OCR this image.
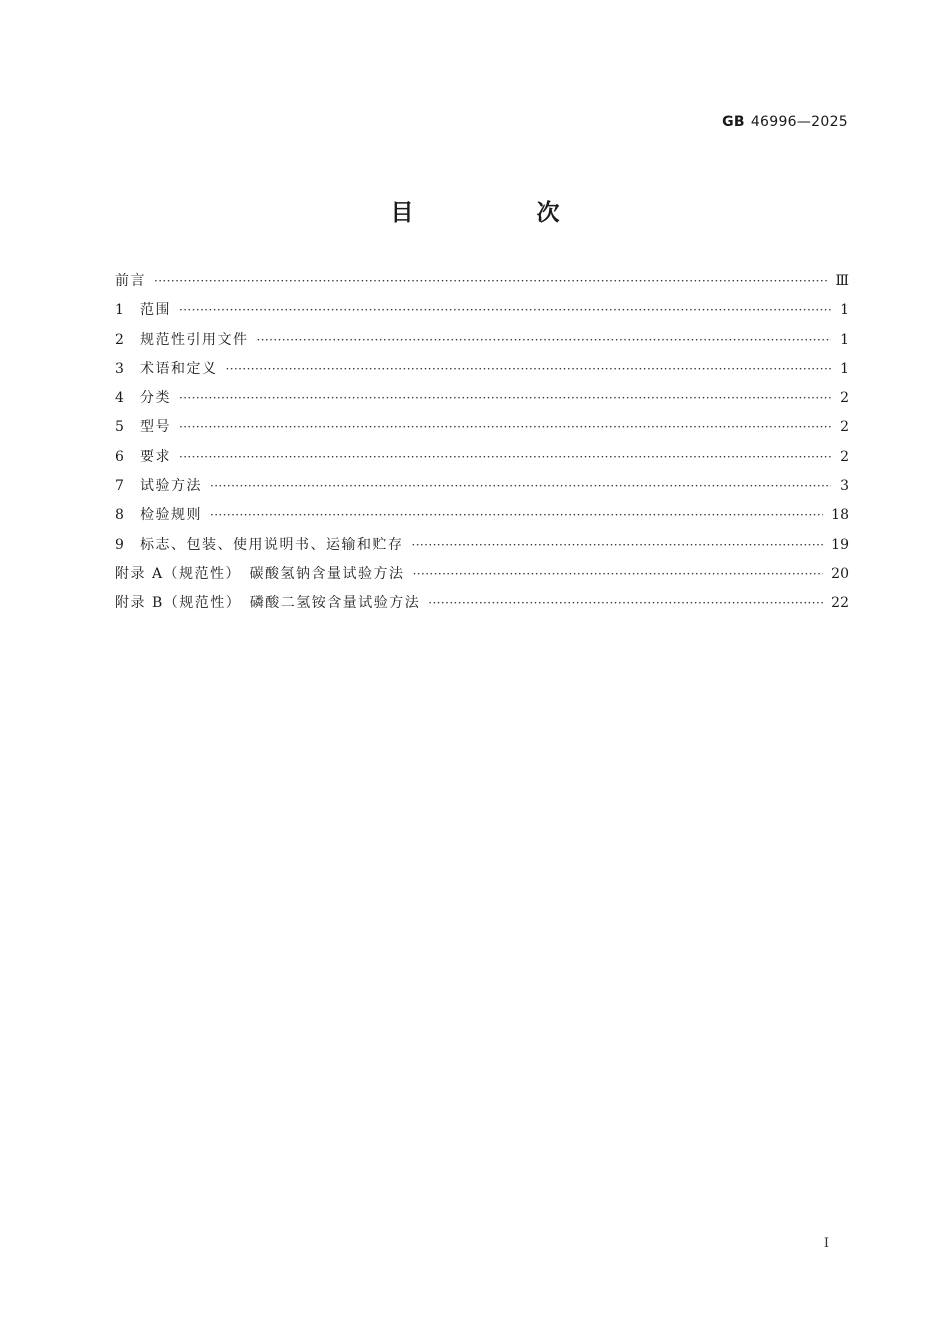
GB 46996—2025
目　次
前言 ·····	Ⅲ
1 范围 ·····	1
2 规范性引用文件 ·····	1
3 术语和定义 ·····	1
4 分类 ·····	2
5 型号 ·····	2
6 要求 ·····	2
7 试验方法 ·····	3
8 检验规则 ·····	18
9 标志、包装、使用说明书、运输和贮存 ·····	19
附录 A（规范性）　碳酸氢钠含量试验方法 ·····	20
附录 B（规范性）　磷酸二氢铵含量试验方法 ·····	22
I
